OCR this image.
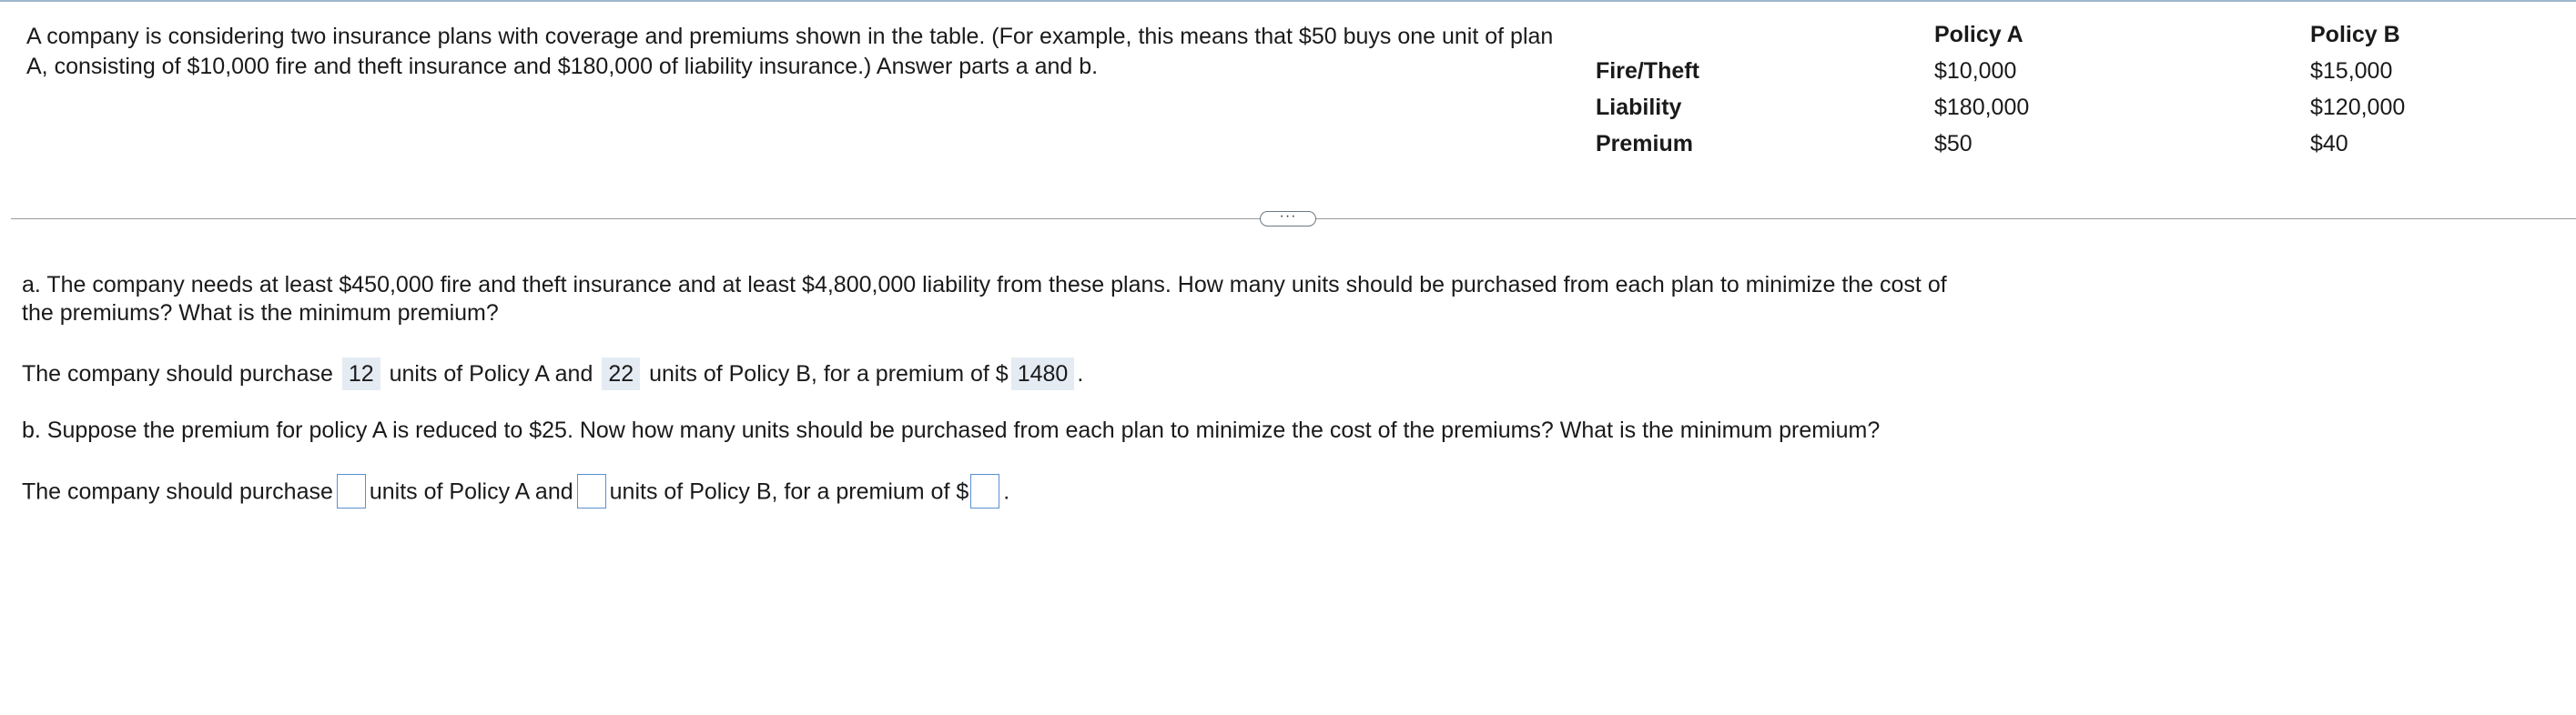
A company is considering two insurance plans with coverage and premiums shown in the table. (For example, this means that $50 buys one unit of plan A, consisting of $10,000 fire and theft insurance and $180,000 of liability insurance.) Answer parts a and b.

	Policy A	Policy B
Fire/Theft	$10,000	$15,000
Liability	$180,000	$120,000
Premium	$50	$40
···

a. The company needs at least $450,000 fire and theft insurance and at least $4,800,000 liability from these plans. How many units should be purchased from each plan to minimize the cost of the premiums? What is the minimum premium?

The company should purchase 12 units of Policy A and 22 units of Policy B, for a premium of $ 1480 .

b. Suppose the premium for policy A is reduced to $25. Now how many units should be purchased from each plan to minimize the cost of the premiums? What is the minimum premium?

The company should purchase units of Policy A and units of Policy B, for a premium of $ .
